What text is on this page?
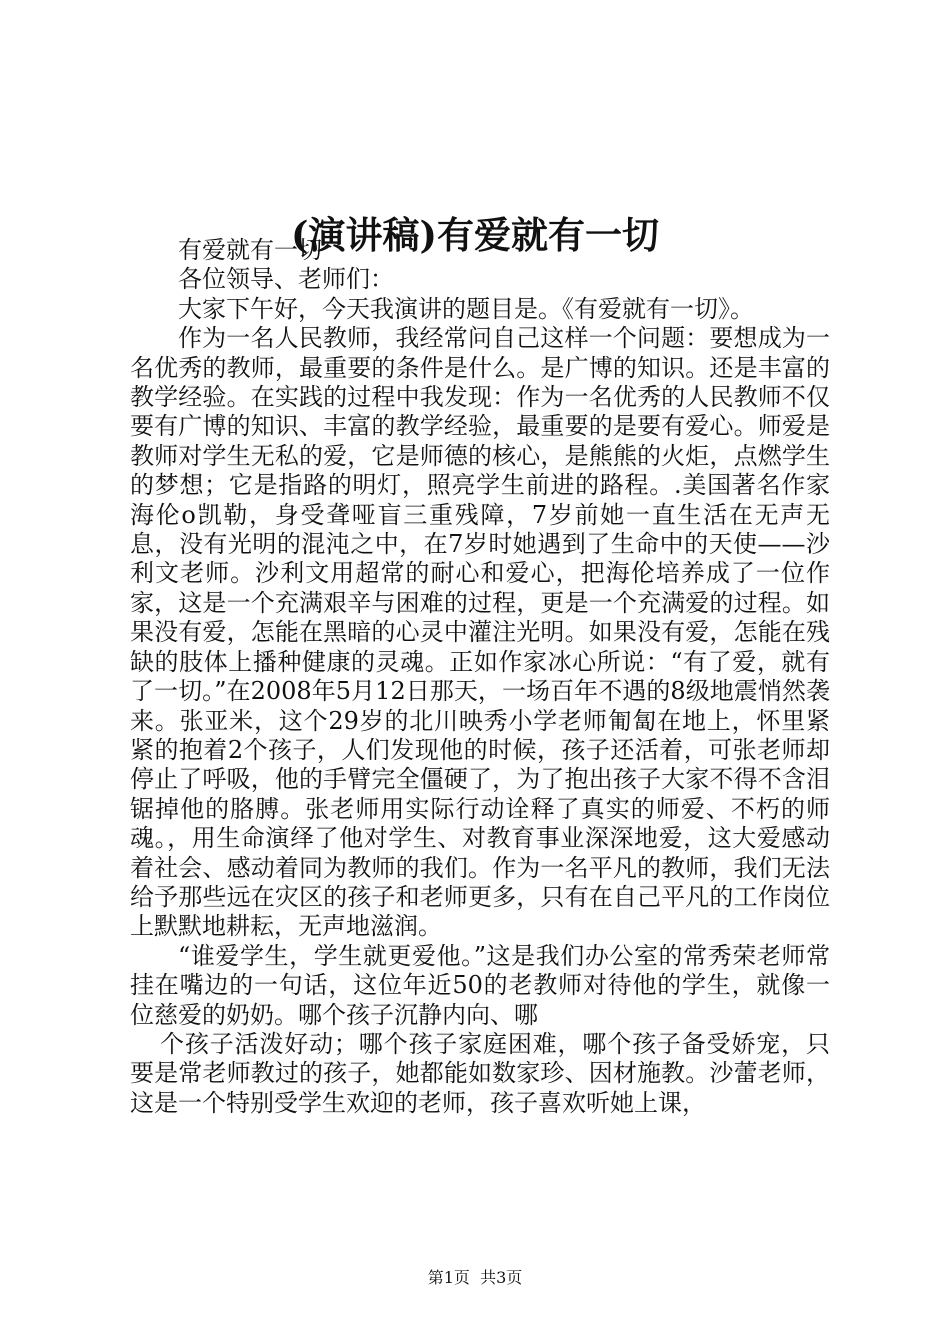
(演讲稿)有爱就有一切

有爱就有一切

各位领导、老师们：

大家下午好，今天我演讲的题目是。《有爱就有一切》。

作为一名人民教师，我经常问自己这样一个问题：要想成为一名优秀的教师，最重要的条件是什么。是广博的知识。还是丰富的教学经验。在实践的过程中我发现：作为一名优秀的人民教师不仅要有广博的知识、丰富的教学经验，最重要的是要有爱心。师爱是教师对学生无私的爱，它是师德的核心，是熊熊的火炬，点燃学生的梦想；它是指路的明灯，照亮学生前进的路程。.美国著名作家海伦o凯勒，身受聋哑盲三重残障，7岁前她一直生活在无声无息，没有光明的混沌之中，在7岁时她遇到了生命中的天使——沙利文老师。沙利文用超常的耐心和爱心，把海伦培养成了一位作家，这是一个充满艰辛与困难的过程，更是一个充满爱的过程。如果没有爱，怎能在黑暗的心灵中灌注光明。如果没有爱，怎能在残缺的肢体上播种健康的灵魂。正如作家冰心所说：“有了爱，就有了一切。”在2008年5月12日那天，一场百年不遇的8级地震悄然袭来。张亚米，这个29岁的北川映秀小学老师匍匐在地上，怀里紧紧的抱着2个孩子，人们发现他的时候，孩子还活着，可张老师却停止了呼吸，他的手臂完全僵硬了，为了抱出孩子大家不得不含泪锯掉他的胳膊。张老师用实际行动诠释了真实的师爱、不朽的师魂。，用生命演绎了他对学生、对教育事业深深地爱，这大爱感动着社会、感动着同为教师的我们。作为一名平凡的教师，我们无法给予那些远在灾区的孩子和老师更多，只有在自己平凡的工作岗位上默默地耕耘，无声地滋润。

“谁爱学生，学生就更爱他。”这是我们办公室的常秀荣老师常挂在嘴边的一句话，这位年近50的老教师对待他的学生，就像一位慈爱的奶奶。哪个孩子沉静内向、哪

个孩子活泼好动；哪个孩子家庭困难，哪个孩子备受娇宠，只要是常老师教过的孩子，她都能如数家珍、因材施教。沙蕾老师，这是一个特别受学生欢迎的老师，孩子喜欢听她上课，

第1页  共3页
